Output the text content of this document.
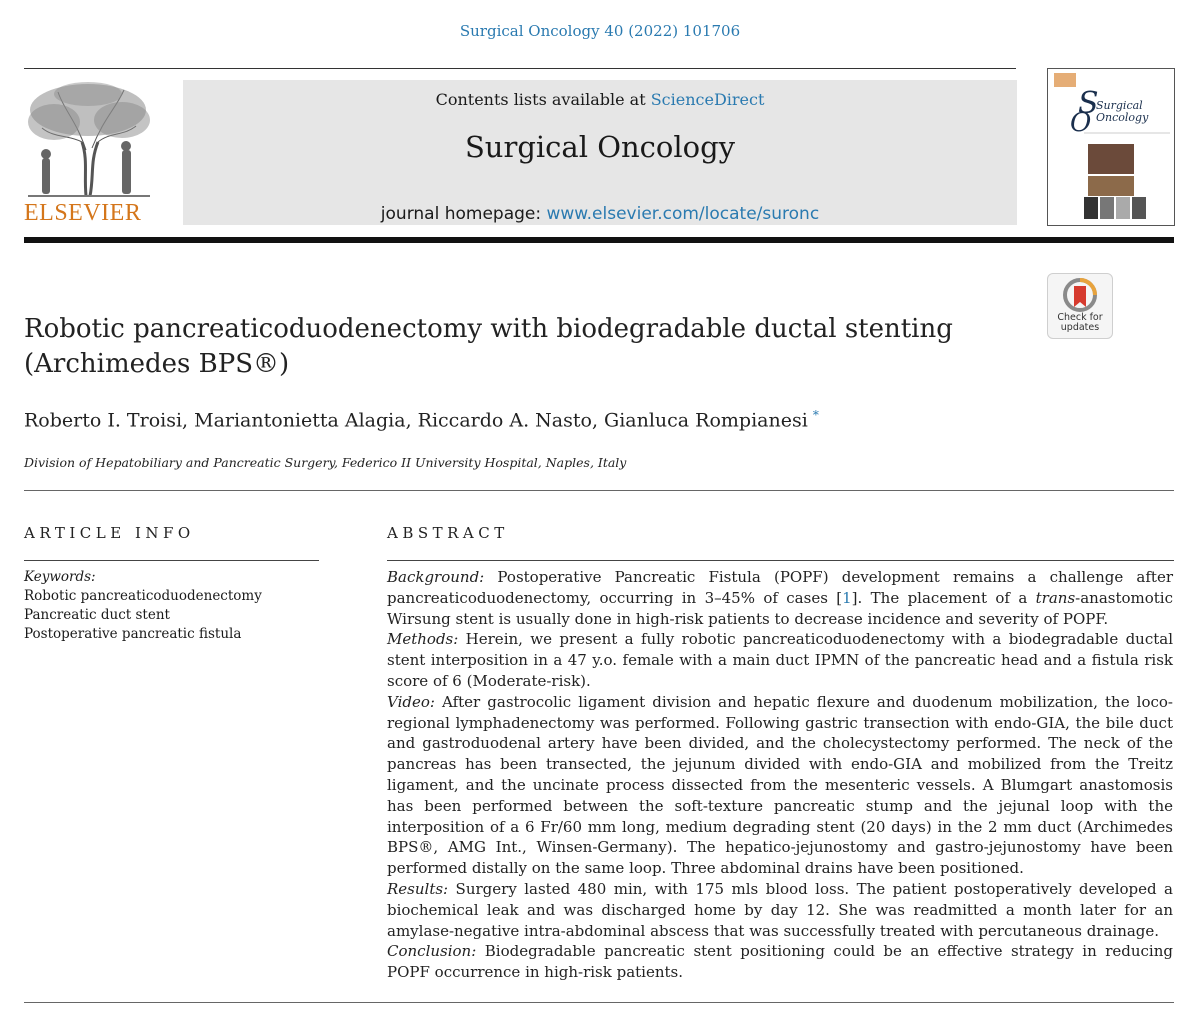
Surgical Oncology 40 (2022) 101706
ELSEVIER
Contents lists available at ScienceDirect
Surgical Oncology
journal homepage: www.elsevier.com/locate/suronc
S
O
Surgical
Oncology
Check for
updates
Robotic pancreaticoduodenectomy with biodegradable ductal stenting (Archimedes BPS®)
Roberto I. Troisi, Mariantonietta Alagia, Riccardo A. Nasto, Gianluca Rompianesi *
Division of Hepatobiliary and Pancreatic Surgery, Federico II University Hospital, Naples, Italy
ARTICLE INFO	ABSTRACT
Keywords:
Robotic pancreaticoduodenectomy
Pancreatic duct stent
Postoperative pancreatic fistula

Background: Postoperative Pancreatic Fistula (POPF) development remains a challenge after pancreaticoduodenectomy, occurring in 3–45% of cases [1]. The placement of a trans-anastomotic Wirsung stent is usually done in high-risk patients to decrease incidence and severity of POPF.

Methods: Herein, we present a fully robotic pancreaticoduodenectomy with a biodegradable ductal stent interposition in a 47 y.o. female with a main duct IPMN of the pancreatic head and a fistula risk score of 6 (Moderate-risk).

Video: After gastrocolic ligament division and hepatic flexure and duodenum mobilization, the loco-regional lymphadenectomy was performed. Following gastric transection with endo-GIA, the bile duct and gastroduodenal artery have been divided, and the cholecystectomy performed. The neck of the pancreas has been transected, the jejunum divided with endo-GIA and mobilized from the Treitz ligament, and the uncinate process dissected from the mesenteric vessels. A Blumgart anastomosis has been performed between the soft-texture pancreatic stump and the jejunal loop with the interposition of a 6 Fr/60 mm long, medium degrading stent (20 days) in the 2 mm duct (Archimedes BPS®, AMG Int., Winsen-Germany). The hepatico-jejunostomy and gastro-jejunostomy have been performed distally on the same loop. Three abdominal drains have been positioned.

Results: Surgery lasted 480 min, with 175 mls blood loss. The patient postoperatively developed a biochemical leak and was discharged home by day 12. She was readmitted a month later for an amylase-negative intra-abdominal abscess that was successfully treated with percutaneous drainage.

Conclusion: Biodegradable pancreatic stent positioning could be an effective strategy in reducing POPF occurrence in high-risk patients.
